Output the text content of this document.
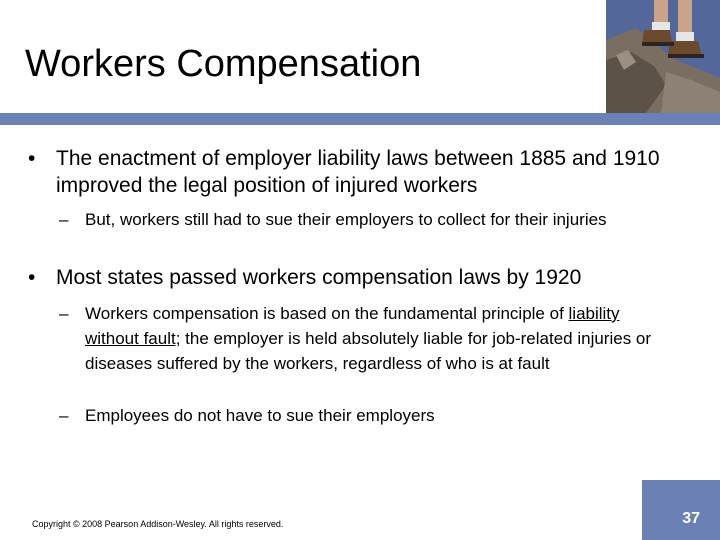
Workers Compensation
• The enactment of employer liability laws between 1885 and 1910 improved the legal position of injured workers
– But, workers still had to sue their employers to collect for their injuries
• Most states passed workers compensation laws by 1920
– Workers compensation is based on the fundamental principle of liability without fault; the employer is held absolutely liable for job-related injuries or diseases suffered by the workers, regardless of who is at fault
– Employees do not have to sue their employers
Copyright © 2008 Pearson Addison-Wesley. All rights reserved.	37
